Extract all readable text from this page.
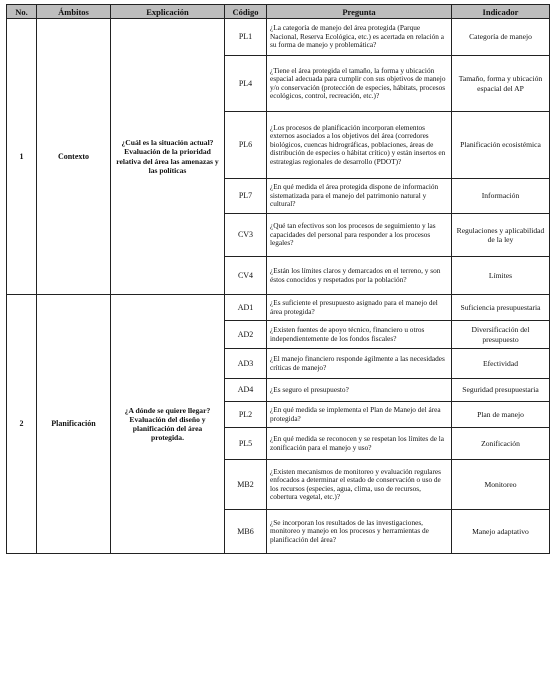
No.	Ámbitos	Explicación	Código	Pregunta	Indicador
1	Contexto	¿Cuál es la situación actual? Evaluación de la prioridad relativa del área las amenazas y las políticas	PL1	¿La categoría de manejo del área protegida (Parque Nacional, Reserva Ecológica, etc.) es acertada en relación a su forma de manejo y problemática?	Categoría de manejo
			PL4	¿Tiene el área protegida el tamaño, la forma y ubicación espacial adecuada para cumplir con sus objetivos de manejo y/o conservación (protección de especies, hábitats, procesos ecológicos, control, recreación, etc.)?	Tamaño, forma y ubicación espacial del AP
			PL6	¿Los procesos de planificación incorporan elementos externos asociados a los objetivos del área (corredores biológicos, cuencas hidrográficas, poblaciones, áreas de distribución de especies o hábitat crítico) y están insertos en estrategias regionales de desarrollo (PDOT)?	Planificación ecosistémica
			PL7	¿En qué medida el área protegida dispone de información sistematizada para el manejo del patrimonio natural y cultural?	Información
			CV3	¿Qué tan efectivos son los procesos de seguimiento y las capacidades del personal para responder a los procesos legales?	Regulaciones y aplicabilidad de la ley
			CV4	¿Están los límites claros y demarcados en el terreno, y son éstos conocidos y respetados por la población?	Límites
2	Planificación	¿A dónde se quiere llegar? Evaluación del diseño y planificación del área protegida.	AD1	¿Es suficiente el presupuesto asignado para el manejo del área protegida?	Suficiencia presupuestaria
			AD2	¿Existen fuentes de apoyo técnico, financiero u otros independientemente de los fondos fiscales?	Diversificación del presupuesto
			AD3	¿El manejo financiero responde ágilmente a las necesidades críticas de manejo?	Efectividad
			AD4	¿Es seguro el presupuesto?	Seguridad presupuestaria
			PL2	¿En qué medida se implementa el Plan de Manejo del área protegida?	Plan de manejo
			PL5	¿En qué medida se reconocen y se respetan los límites de la zonificación para el manejo y uso?	Zonificación
			MB2	¿Existen mecanismos de monitoreo y evaluación regulares enfocados a determinar el estado de conservación o uso de los recursos (especies, agua, clima, uso de recursos, cobertura vegetal, etc.)?	Monitoreo
			MB6	¿Se incorporan los resultados de las investigaciones, monitoreo y manejo en los procesos y herramientas de planificación del área?	Manejo adaptativo
